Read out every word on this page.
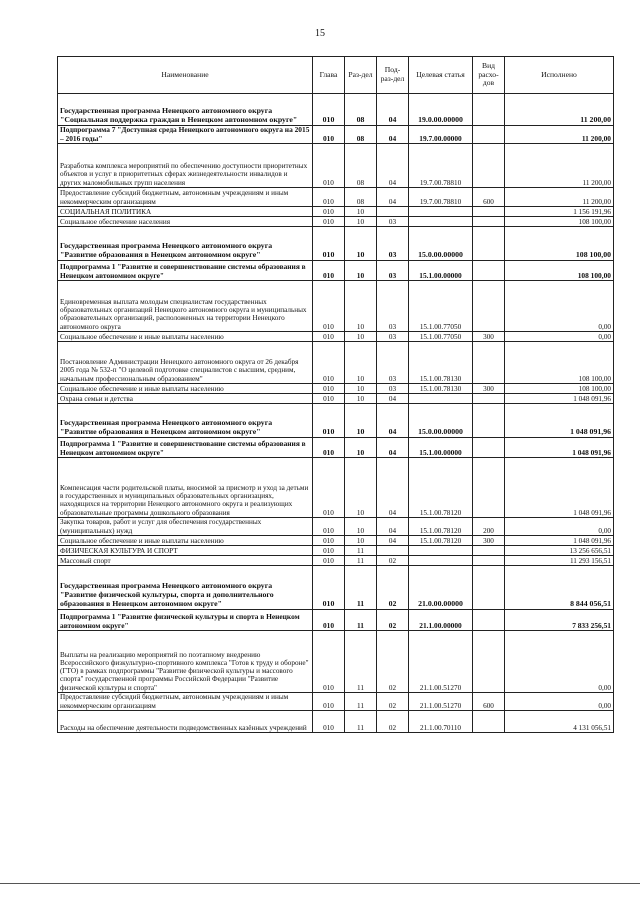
15
Наименование	Глава	Раз-дел	Под-раз-дел	Целевая статья	Вид расхо-дов	Исполнено
Государственная программа Ненецкого автономного округа "Социальная поддержка граждан в Ненецком автономном округе"	010	08	04	19.0.00.00000		11 200,00
Подпрограмма 7 "Доступная среда Ненецкого автономного округа на 2015 – 2016 годы"	010	08	04	19.7.00.00000		11 200,00
Разработка комплекса мероприятий по обеспечению доступности приоритетных объектов и услуг в приоритетных сферах жизнедеятельности инвалидов и других маломобильных групп населения	010	08	04	19.7.00.78810		11 200,00
Предоставление субсидий бюджетным, автономным учреждениям и иным некоммерческим организациям	010	08	04	19.7.00.78810	600	11 200,00
СОЦИАЛЬНАЯ ПОЛИТИКА	010	10				1 156 191,96
Социальное обеспечение населения	010	10	03			108 100,00
Государственная программа Ненецкого автономного округа "Развитие образования в Ненецком автономном округе"	010	10	03	15.0.00.00000		108 100,00
Подпрограмма 1 "Развитие и совершенствование системы образования в Ненецком автономном округе"	010	10	03	15.1.00.00000		108 100,00
Единовременная выплата молодым специалистам государственных образовательных организаций Ненецкого автономного округа и муниципальных образовательных организаций, расположенных на территории Ненецкого автономного округа	010	10	03	15.1.00.77050		0,00
Социальное обеспечение и иные выплаты населению	010	10	03	15.1.00.77050	300	0,00
Постановление Администрации Ненецкого автономного округа от 26 декабря 2005 года № 532-п "О целевой подготовке специалистов с высшим, средним, начальным профессиональным образованием"	010	10	03	15.1.00.78130		108 100,00
Социальное обеспечение и иные выплаты населению	010	10	03	15.1.00.78130	300	108 100,00
Охрана семьи и детства	010	10	04			1 048 091,96
Государственная программа Ненецкого автономного округа "Развитие образования в Ненецком автономном округе"	010	10	04	15.0.00.00000		1 048 091,96
Подпрограмма 1 "Развитие и совершенствование системы образования в Ненецком автономном округе"	010	10	04	15.1.00.00000		1 048 091,96
Компенсация части родительской платы, вносимой за присмотр и уход за детьми в государственных и муниципальных образовательных организациях, находящихся на территории Ненецкого автономного округа и реализующих образовательные программы дошкольного образования	010	10	04	15.1.00.78120		1 048 091,96
Закупка товаров, работ и услуг для обеспечения государственных (муниципальных) нужд	010	10	04	15.1.00.78120	200	0,00
Социальное обеспечение и иные выплаты населению	010	10	04	15.1.00.78120	300	1 048 091,96
ФИЗИЧЕСКАЯ КУЛЬТУРА И СПОРТ	010	11				13 256 656,51
Массовый спорт	010	11	02			11 293 156,51
Государственная программа Ненецкого автономного округа "Развитие физической культуры, спорта и дополнительного образования в Ненецком автономном округе"	010	11	02	21.0.00.00000		8 844 056,51
Подпрограмма 1 "Развитие физической культуры и спорта в Ненецком автономном округе"	010	11	02	21.1.00.00000		7 833 256,51
Выплаты на реализацию мероприятий по поэтапному внедрению Всероссийского физкультурно-спортивного комплекса "Готов к труду и обороне" (ГТО) в рамках подпрограммы "Развитие физической культуры и массового спорта" государственной программы Российской Федерации "Развитие физической культуры и спорта"	010	11	02	21.1.00.51270		0,00
Предоставление субсидий бюджетным, автономным учреждениям и иным некоммерческим организациям	010	11	02	21.1.00.51270	600	0,00
Расходы на обеспечение деятельности подведомственных казённых учреждений	010	11	02	21.1.00.70110		4 131 056,51
